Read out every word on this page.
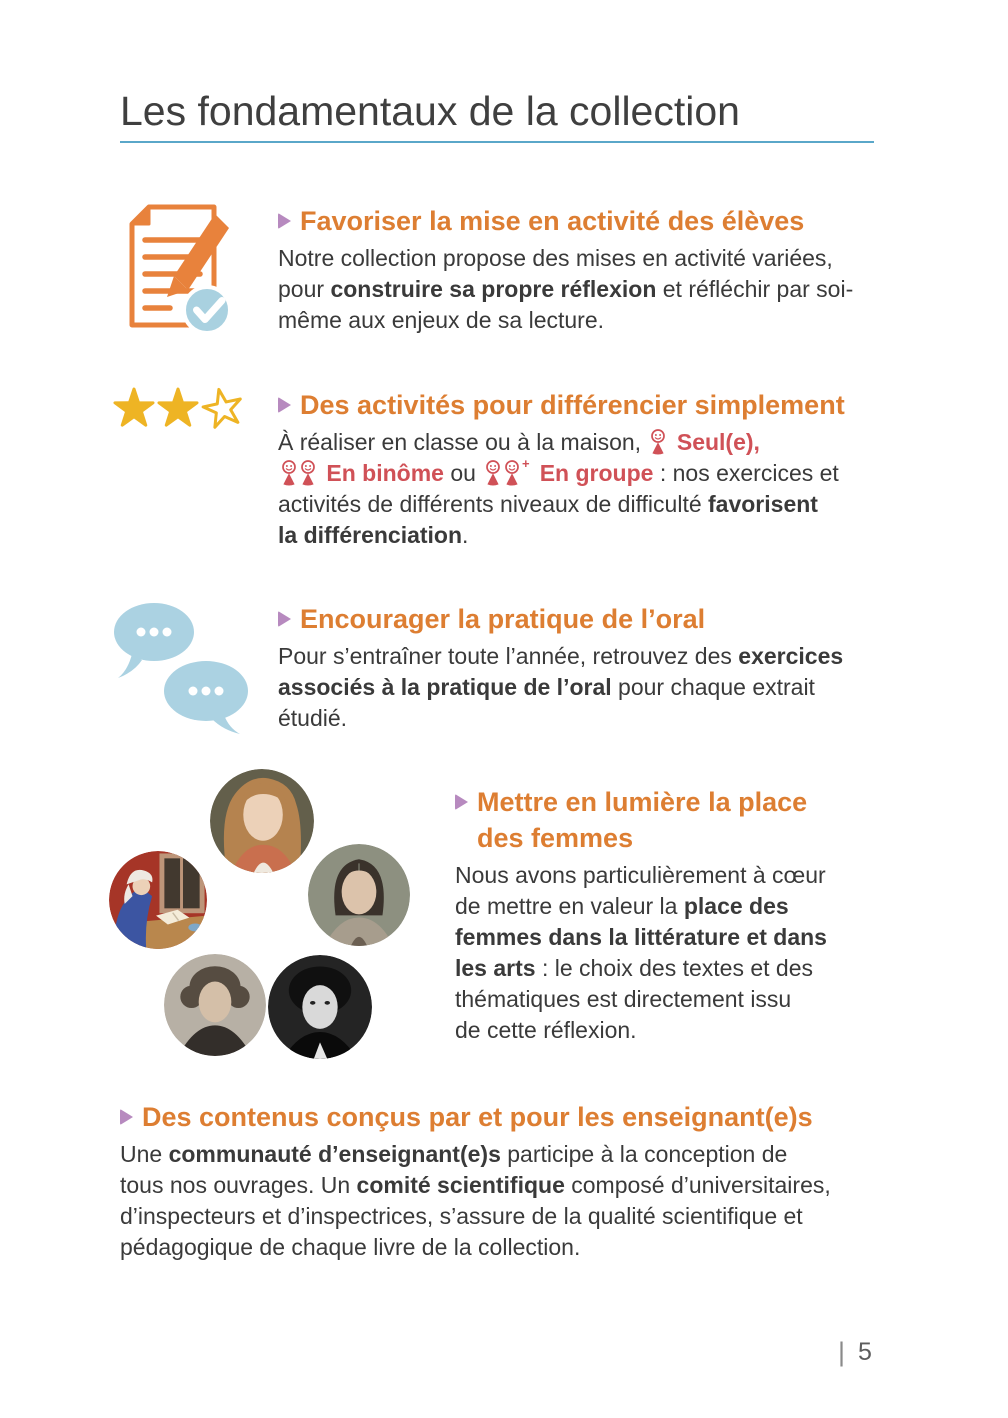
Les fondamentaux de la collection
Favoriser la mise en activité des élèves

Notre collection propose des mises en activité variées,
pour construire sa propre réflexion et réfléchir par soi-
même aux enjeux de sa lecture.

Des activités pour différencier simplement

À réaliser en classe ou à la maison,  Seul(e),
En binôme ou	+ En groupe : nos exercices et
activités de différents niveaux de difficulté favorisent
la différenciation.

Encourager la pratique de l’oral

Pour s’entraîner toute l’année, retrouvez des exercices
associés à la pratique de l’oral pour chaque extrait
étudié.

Mettre en lumière la place
des femmes

Nous avons particulièrement à cœur
de mettre en valeur la place des
femmes dans la littérature et dans
les arts : le choix des textes et des
thématiques est directement issu
de cette réflexion.

Des contenus conçus par et pour les enseignant(e)s

Une communauté d’enseignant(e)s participe à la conception de
tous nos ouvrages. Un comité scientifique composé d’universitaires,
d’inspecteurs et d’inspectrices, s’assure de la qualité scientifique et
pédagogique de chaque livre de la collection.

| 5
